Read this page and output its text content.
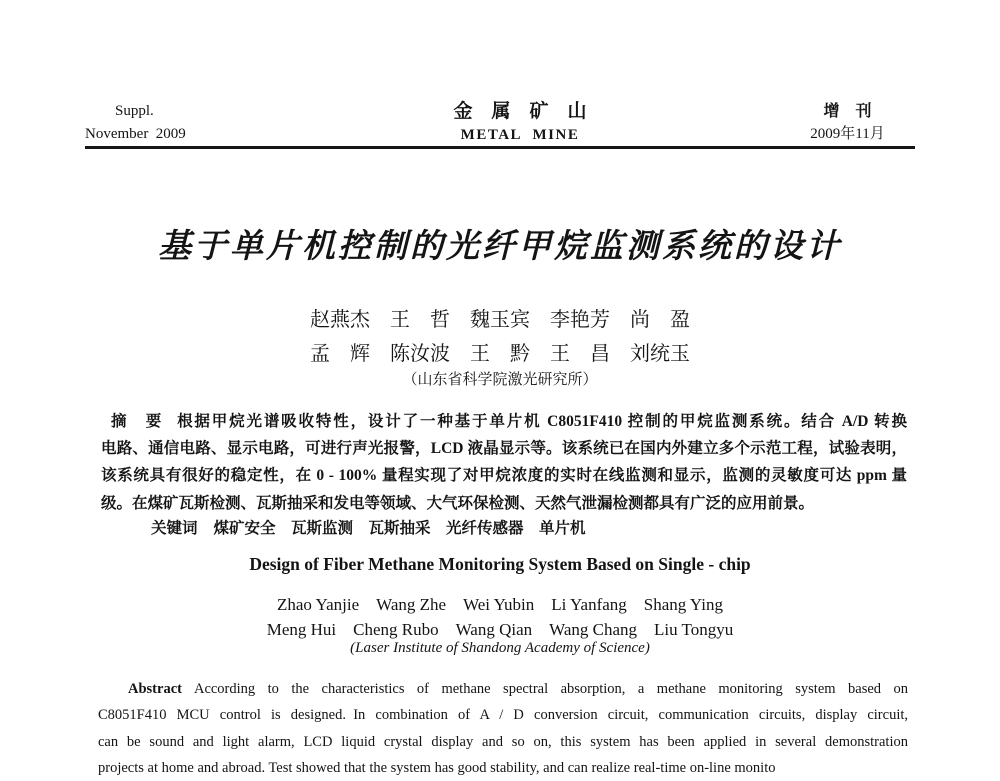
Suppl.
November 2009
金　属　矿　山
METAL MINE
增　刊
2009年11月
基于单片机控制的光纤甲烷监测系统的设计
赵燕杰　王　哲　魏玉宾　李艳芳　尚　盈
孟　辉　陈汝波　王　黔　王　昌　刘统玉
（山东省科学院激光研究所）
摘　要 根据甲烷光谱吸收特性，设计了一种基于单片机 C8051F410 控制的甲烷监测系统。结合 A/D 转换
电路、通信电路、显示电路，可进行声光报警，LCD 液晶显示等。该系统已在国内外建立多个示范工程，试验表明，
该系统具有很好的稳定性，在 0 - 100% 量程实现了对甲烷浓度的实时在线监测和显示，监测的灵敏度可达 ppm 量
级。在煤矿瓦斯检测、瓦斯抽采和发电等领域、大气环保检测、天然气泄漏检测都具有广泛的应用前景。
关键词 煤矿安全　瓦斯监测　瓦斯抽采　光纤传感器　单片机
Design of Fiber Methane Monitoring System Based on Single - chip
Zhao Yanjie  Wang Zhe  Wei Yubin  Li Yanfang  Shang Ying
Meng Hui  Cheng Rubo  Wang Qian  Wang Chang  Liu Tongyu
(Laser Institute of Shandong Academy of Science)
Abstract According to the characteristics of methane spectral absorption, a methane monitoring system based on
C8051F410 MCU control is designed. In combination of A / D conversion circuit, communication circuits, display circuit,
can be sound and light alarm, LCD liquid crystal display and so on, this system has been applied in several demonstration
projects at home and abroad. Test showed that the system has good stability, and can realize real-time on-line monito
